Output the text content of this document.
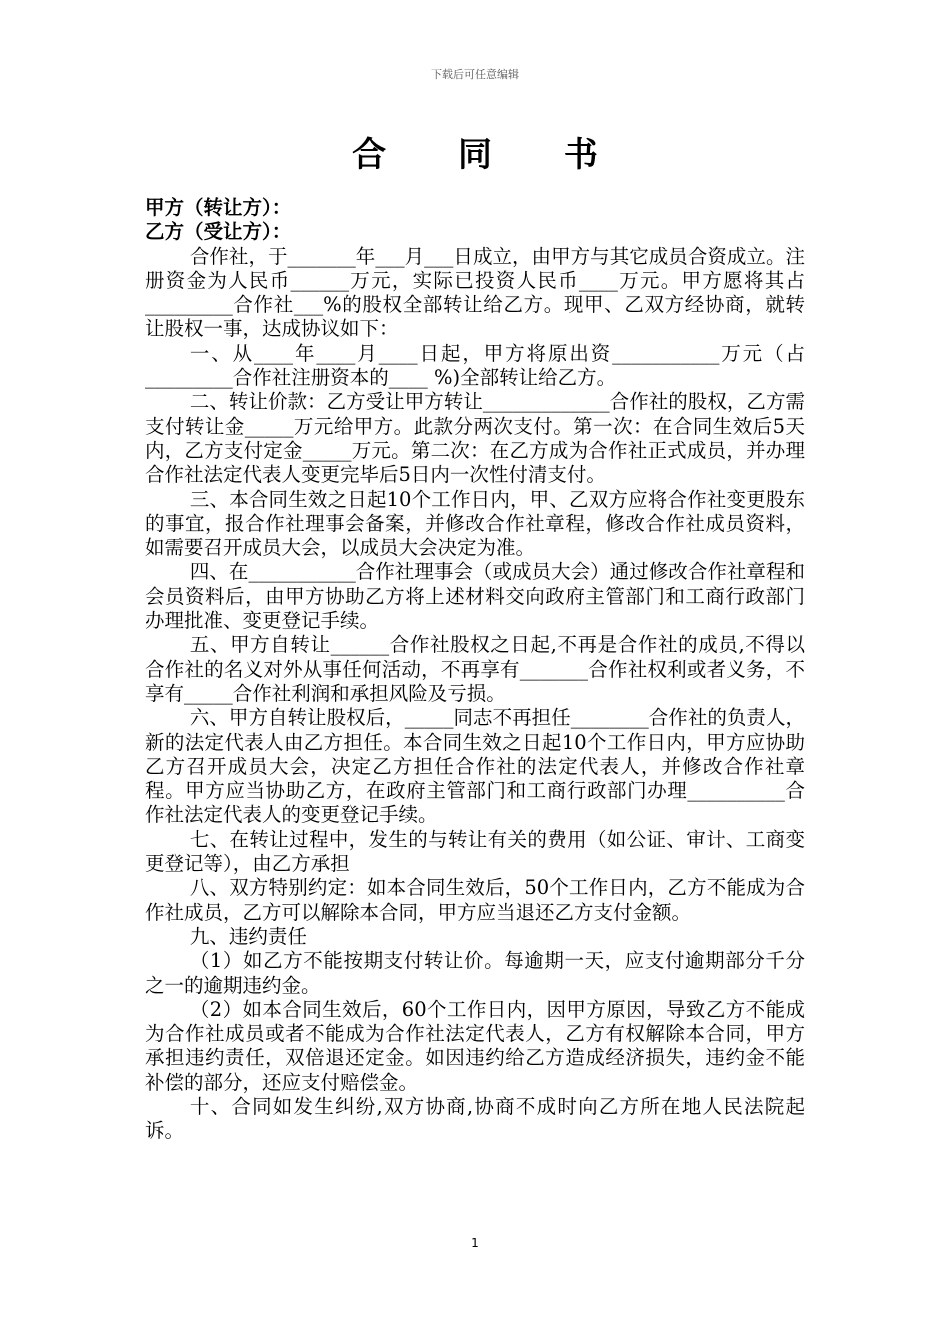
下载后可任意编辑
合 同 书
甲方（转让方）：
乙方（受让方）：

合作社，于_______年___月___日成立，由甲方与其它成员合资成立。注册资金为人民币______万元，实际已投资人民币____万元。甲方愿将其占_________合作社___%的股权全部转让给乙方。现甲、乙双方经协商，就转让股权一事，达成协议如下：

一、从____年____月____日起，甲方将原出资___________万元（占_________合作社注册资本的____ %)全部转让给乙方。

二、转让价款：乙方受让甲方转让_____________合作社的股权，乙方需支付转让金_____万元给甲方。此款分两次支付。第一次：在合同生效后5天内，乙方支付定金_____万元。第二次：在乙方成为合作社正式成员，并办理合作社法定代表人变更完毕后5日内一次性付清支付。

三、本合同生效之日起10个工作日内，甲、乙双方应将合作社变更股东的事宜，报合作社理事会备案，并修改合作社章程，修改合作社成员资料，如需要召开成员大会，以成员大会决定为准。

四、在___________合作社理事会（或成员大会）通过修改合作社章程和会员资料后，由甲方协助乙方将上述材料交向政府主管部门和工商行政部门办理批准、变更登记手续。

五、甲方自转让______合作社股权之日起,不再是合作社的成员,不得以合作社的名义对外从事任何活动，不再享有_______合作社权利或者义务，不享有_____合作社利润和承担风险及亏损。

六、甲方自转让股权后，_____同志不再担任________合作社的负责人，新的法定代表人由乙方担任。本合同生效之日起10个工作日内，甲方应协助乙方召开成员大会，决定乙方担任合作社的法定代表人，并修改合作社章程。甲方应当协助乙方，在政府主管部门和工商行政部门办理__________合作社法定代表人的变更登记手续。

七、在转让过程中，发生的与转让有关的费用（如公证、审计、工商变更登记等），由乙方承担

八、双方特别约定：如本合同生效后，50个工作日内，乙方不能成为合作社成员，乙方可以解除本合同，甲方应当退还乙方支付金额。

九、违约责任

（1）如乙方不能按期支付转让价。每逾期一天，应支付逾期部分千分之一的逾期违约金。

（2）如本合同生效后，60个工作日内，因甲方原因，导致乙方不能成为合作社成员或者不能成为合作社法定代表人，乙方有权解除本合同，甲方承担违约责任，双倍退还定金。如因违约给乙方造成经济损失，违约金不能补偿的部分，还应支付赔偿金。

十、合同如发生纠纷,双方协商,协商不成时向乙方所在地人民法院起诉。

1
